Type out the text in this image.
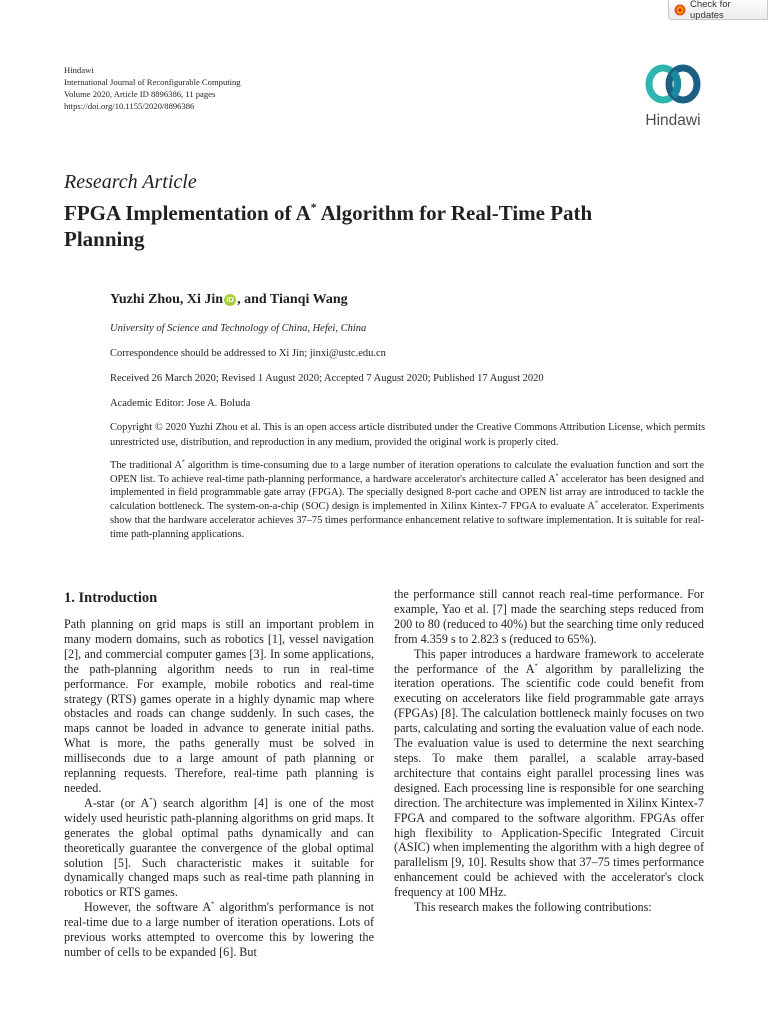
Check for updates
Hindawi
International Journal of Reconfigurable Computing
Volume 2020, Article ID 8896386, 11 pages
https://doi.org/10.1155/2020/8896386
Hindawi
Research Article
FPGA Implementation of A* Algorithm for Real-Time Path Planning
Yuzhi Zhou, Xi Jin iD , and Tianqi Wang
University of Science and Technology of China, Hefei, China
Correspondence should be addressed to Xi Jin; jinxi@ustc.edu.cn
Received 26 March 2020; Revised 1 August 2020; Accepted 7 August 2020; Published 17 August 2020
Academic Editor: Jose A. Boluda
Copyright © 2020 Yuzhi Zhou et al. This is an open access article distributed under the Creative Commons Attribution License, which permits unrestricted use, distribution, and reproduction in any medium, provided the original work is properly cited.
The traditional A* algorithm is time-consuming due to a large number of iteration operations to calculate the evaluation function and sort the OPEN list. To achieve real-time path-planning performance, a hardware accelerator's architecture called A* accelerator has been designed and implemented in field programmable gate array (FPGA). The specially designed 8-port cache and OPEN list array are introduced to tackle the calculation bottleneck. The system-on-a-chip (SOC) design is implemented in Xilinx Kintex-7 FPGA to evaluate A* accelerator. Experiments show that the hardware accelerator achieves 37–75 times performance enhancement relative to software implementation. It is suitable for real-time path-planning applications.
1. Introduction

Path planning on grid maps is still an important problem in many modern domains, such as robotics [1], vessel navigation [2], and commercial computer games [3]. In some applications, the path-planning algorithm needs to run in real-time performance. For example, mobile robotics and real-time strategy (RTS) games operate in a highly dynamic map where obstacles and roads can change suddenly. In such cases, the maps cannot be loaded in advance to generate initial paths. What is more, the paths generally must be solved in milliseconds due to a large amount of path planning or replanning requests. Therefore, real-time path planning is needed.

A-star (or A*) search algorithm [4] is one of the most widely used heuristic path-planning algorithms on grid maps. It generates the global optimal paths dynamically and can theoretically guarantee the convergence of the global optimal solution [5]. Such characteristic makes it suitable for dynamically changed maps such as real-time path planning in robotics or RTS games.

However, the software A* algorithm's performance is not real-time due to a large number of iteration operations. Lots of previous works attempted to overcome this by lowering the number of cells to be expanded [6]. But

the performance still cannot reach real-time performance. For example, Yao et al. [7] made the searching steps reduced from 200 to 80 (reduced to 40%) but the searching time only reduced from 4.359 s to 2.823 s (reduced to 65%).

This paper introduces a hardware framework to accelerate the performance of the A* algorithm by parallelizing the iteration operations. The scientific code could benefit from executing on accelerators like field programmable gate arrays (FPGAs) [8]. The calculation bottleneck mainly focuses on two parts, calculating and sorting the evaluation value of each node. The evaluation value is used to determine the next searching steps. To make them parallel, a scalable array-based architecture that contains eight parallel processing lines was designed. Each processing line is responsible for one searching direction. The architecture was implemented in Xilinx Kintex-7 FPGA and compared to the software algorithm. FPGAs offer high flexibility to Application-Specific Integrated Circuit (ASIC) when implementing the algorithm with a high degree of parallelism [9, 10]. Results show that 37–75 times performance enhancement could be achieved with the accelerator's clock frequency at 100 MHz.

This research makes the following contributions:
